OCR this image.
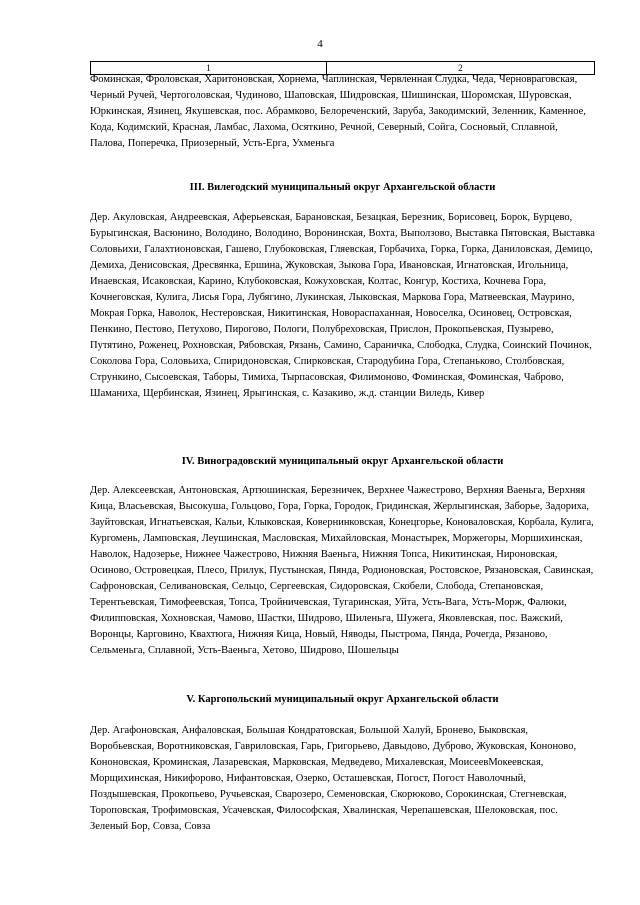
4
1	2
Фоминская, Фроловская, Харитоновская, Хорнема, Чаплинская, Червленная Слудка, Чеда, Черновраговская, Черный Ручей, Чертоголовская, Чудиново, Шаповская, Шидровская, Шишинская, Шоромская, Шуровская, Юркинская, Язинец, Якушевская, пос. Абрамково, Белореченский, Заруба, Закодимский, Зеленник, Каменное, Кода, Кодимский, Красная, Ламбас, Лахома, Осяткино, Речной, Северный, Сойга, Сосновый, Сплавной, Палова, Поперечка, Приозерный, Усть-Ерга, Ухменьга
III. Вилегодский муниципальный округ Архангельской области
Дер. Акуловская, Андреевская, Аферьевская, Барановская, Безацкая, Березник, Борисовец, Борок, Бурцево, Бурыгинская, Васюнино, Володино, Володино, Воронинская, Вохта, Выползово, Выставка Пятовская, Выставка Соловьихи, Галахтионовская, Гашево, Глубоковская, Гляевская, Горбачиха, Горка, Горка, Даниловская, Демицо, Демиха, Денисовская, Дресвянка, Ершина, Жуковская, Зыкова Гора, Ивановская, Игнатовская, Игольница, Инаевская, Исаковская, Карино, Клубоковская, Кожуховская, Колтас, Конгур, Костиха, Кочнева Гора, Кочнеговская, Кулига, Лисья Гора, Лубягино, Лукинская, Лыковская, Маркова Гора, Матвеевская, Маурино, Мокрая Горка, Наволок, Нестеровская, Никитинская, Новораспаханная, Новоселка, Осиновец, Островская, Пенкино, Пестово, Петухово, Пирогово, Пологи, Полубреховская, Прислон, Прокопьевская, Пузырево, Путятино, Роженец, Рохновская, Рябовская, Рязань, Самино, Сараничка, Слободка, Слудка, Соинский Починок, Соколова Гора, Соловьиха, Спиридоновская, Спирковская, Стародубина Гора, Степаньково, Столбовская, Стрункино, Сысоевская, Таборы, Тимиха, Тырпасовская, Филимоново, Фоминская, Фоминская, Чаброво, Шаманиха, Щербинская, Язинец, Ярыгинская, с. Казакиво, ж.д. станции Виледь, Кивер
IV. Виноградовский муниципальный округ Архангельской области
Дер. Алексеевская, Антоновская, Артюшинская, Березничек, Верхнее Чажестрово, Верхняя Ваеньга, Верхняя Кица, Власьевская, Высокуша, Гольцово, Гора, Горка, Городок, Гридинская, Жерлыгинская, Заборье, Задориха, Зауйтовская, Игнатьевская, Кальи, Клыковская, Ковернинковская, Конецгорье, Коноваловская, Корбала, Кулига, Кургомень, Ламповская, Леушинская, Масловская, Михайловская, Монастырек, Моржегоры, Моршихинская, Наволок, Надозерье, Нижнее Чажестрово, Нижняя Ваеньга, Нижняя Топса, Никитинская, Нироновская, Осиново, Островецкая, Плесо, Прилук, Пустынская, Пянда, Родионовская, Ростовское, Рязановская, Савинская, Сафроновская, Селивановская, Сельцо, Сергеевская, Сидоровская, Скобели, Слобода, Степановская, Терентьевская, Тимофеевская, Топса, Тройничевская, Тугаринская, Уйта, Усть-Вага, Усть-Морж, Фалюки, Филипповская, Хохновская, Чамово, Шастки, Шидрово, Шиленьга, Шужега, Яковлевская, пос. Важский, Воронцы, Карговино, Квахтюга, Нижняя Кица, Новый, Няводы, Пыстрома, Пянда, Рочегда, Рязаново, Сельменьга, Сплавной, Усть-Ваеньга, Хетово, Шидрово, Шошельцы
V. Каргопольский муниципальный округ Архангельской области
Дер. Агафоновская, Анфаловская, Большая Кондратовская, Большой Халуй, Бронево, Быковская, Воробьевская, Воротниковская, Гавриловская, Гарь, Григорьево, Давыдово, Дуброво, Жуковская, Кононово, Кононовская, Кроминская, Лазаревская, Марковская, Медведево, Михалевская, МоисеевМокеевская, Морщихинская, Никифорово, Нифантовская, Озерко, Осташевская, Погост, Погост Наволочный, Поздышевская, Прокопьево, Ручьевская, Сварозеро, Семеновская, Скорюково, Сорокинская, Стегневская, Тороповская, Трофимовская, Усачевская, Философская, Хвалинская, Черепашевская, Шелоковская, пос. Зеленый Бор, Совза, Совза
